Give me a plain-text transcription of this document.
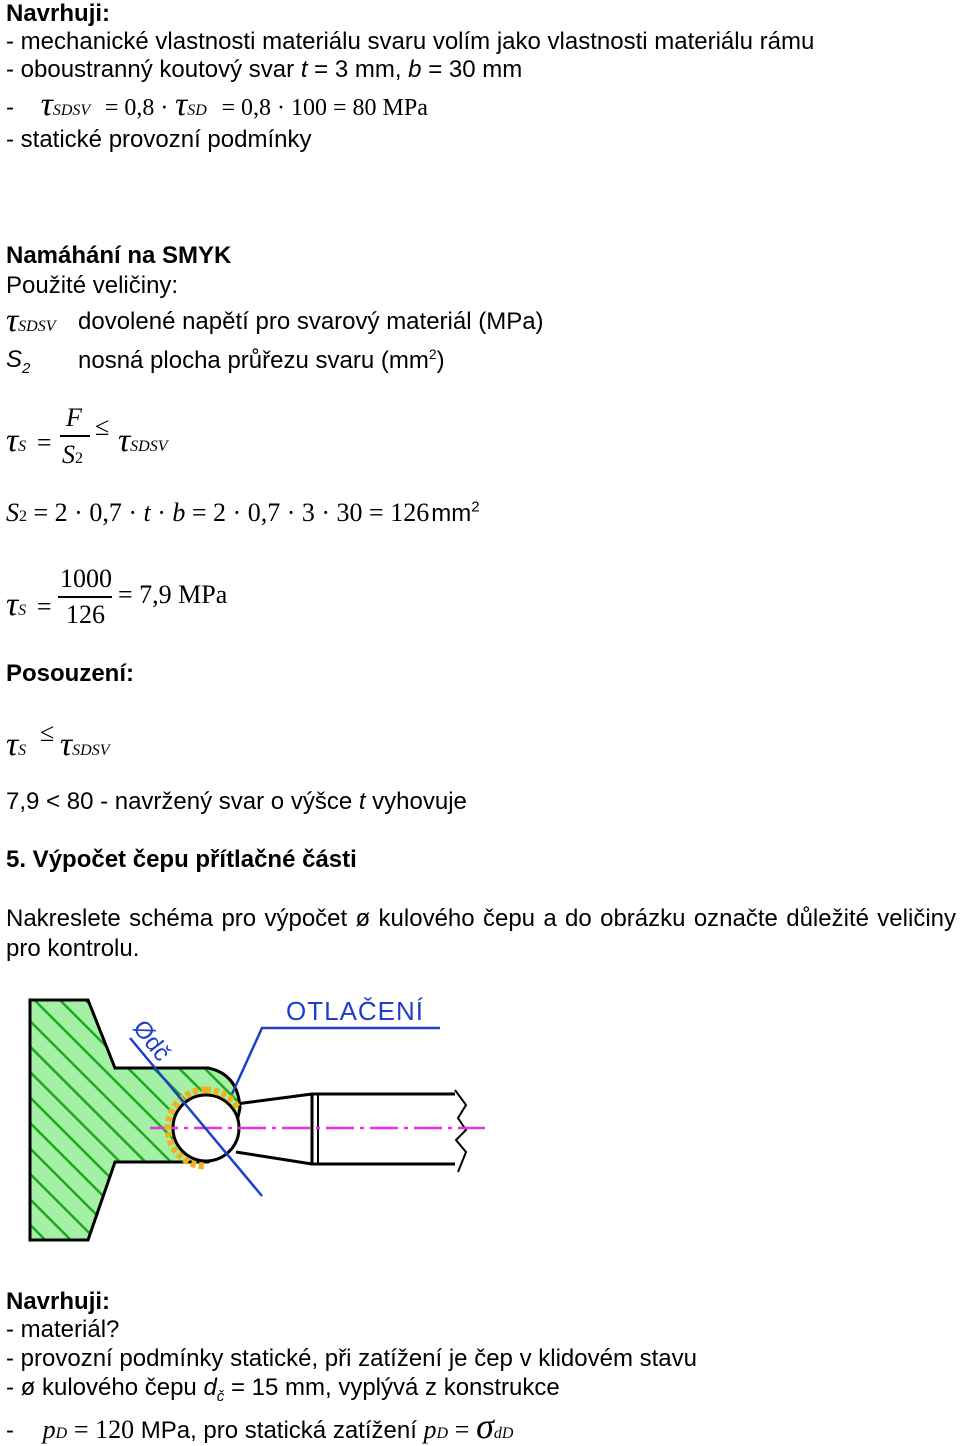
Navrhuji:
- mechanické vlastnosti materiálu svaru volím jako vlastnosti materiálu rámu
- oboustranný koutový svar t = 3 mm, b = 30 mm
- τSDSV = 0,8 · τSD = 0,8 · 100 = 80 MPa
- statické provozní podmínky
Namáhání na SMYK
Použité veličiny:
τSDSV dovolené napětí pro svarový materiál (MPa)
$S_2$ nosná plocha průřezu svaru $(mm^2)$
τS =
F
S2
≤ τSDSV
$S2 = 2 \cdot 0,7 \cdot t \cdot b = 2 \cdot 0,7 \cdot 3 \cdot 30 = 126mm^2$
τS =
1000
126
= 7,9 MPa
Posouzení:
τS
≤ τSDSV
7,9 < 80 - navržený svar o výšce t vyhovuje
5. Výpočet čepu přítlačné části
Nakreslete schéma pro výpočet ø kulového čepu a do obrázku označte důležité veličiny pro kontrolu.
OTLAČENÍ
Ødč
Navrhuji:
- materiál?
- provozní podmínky statické, při zatížení je čep v klidovém stavu
- ø kulového čepu $d_č = 15$ mm, vyplývá z konstrukce
- pD = 120 MPa, pro statická zatížení pD = σdD
